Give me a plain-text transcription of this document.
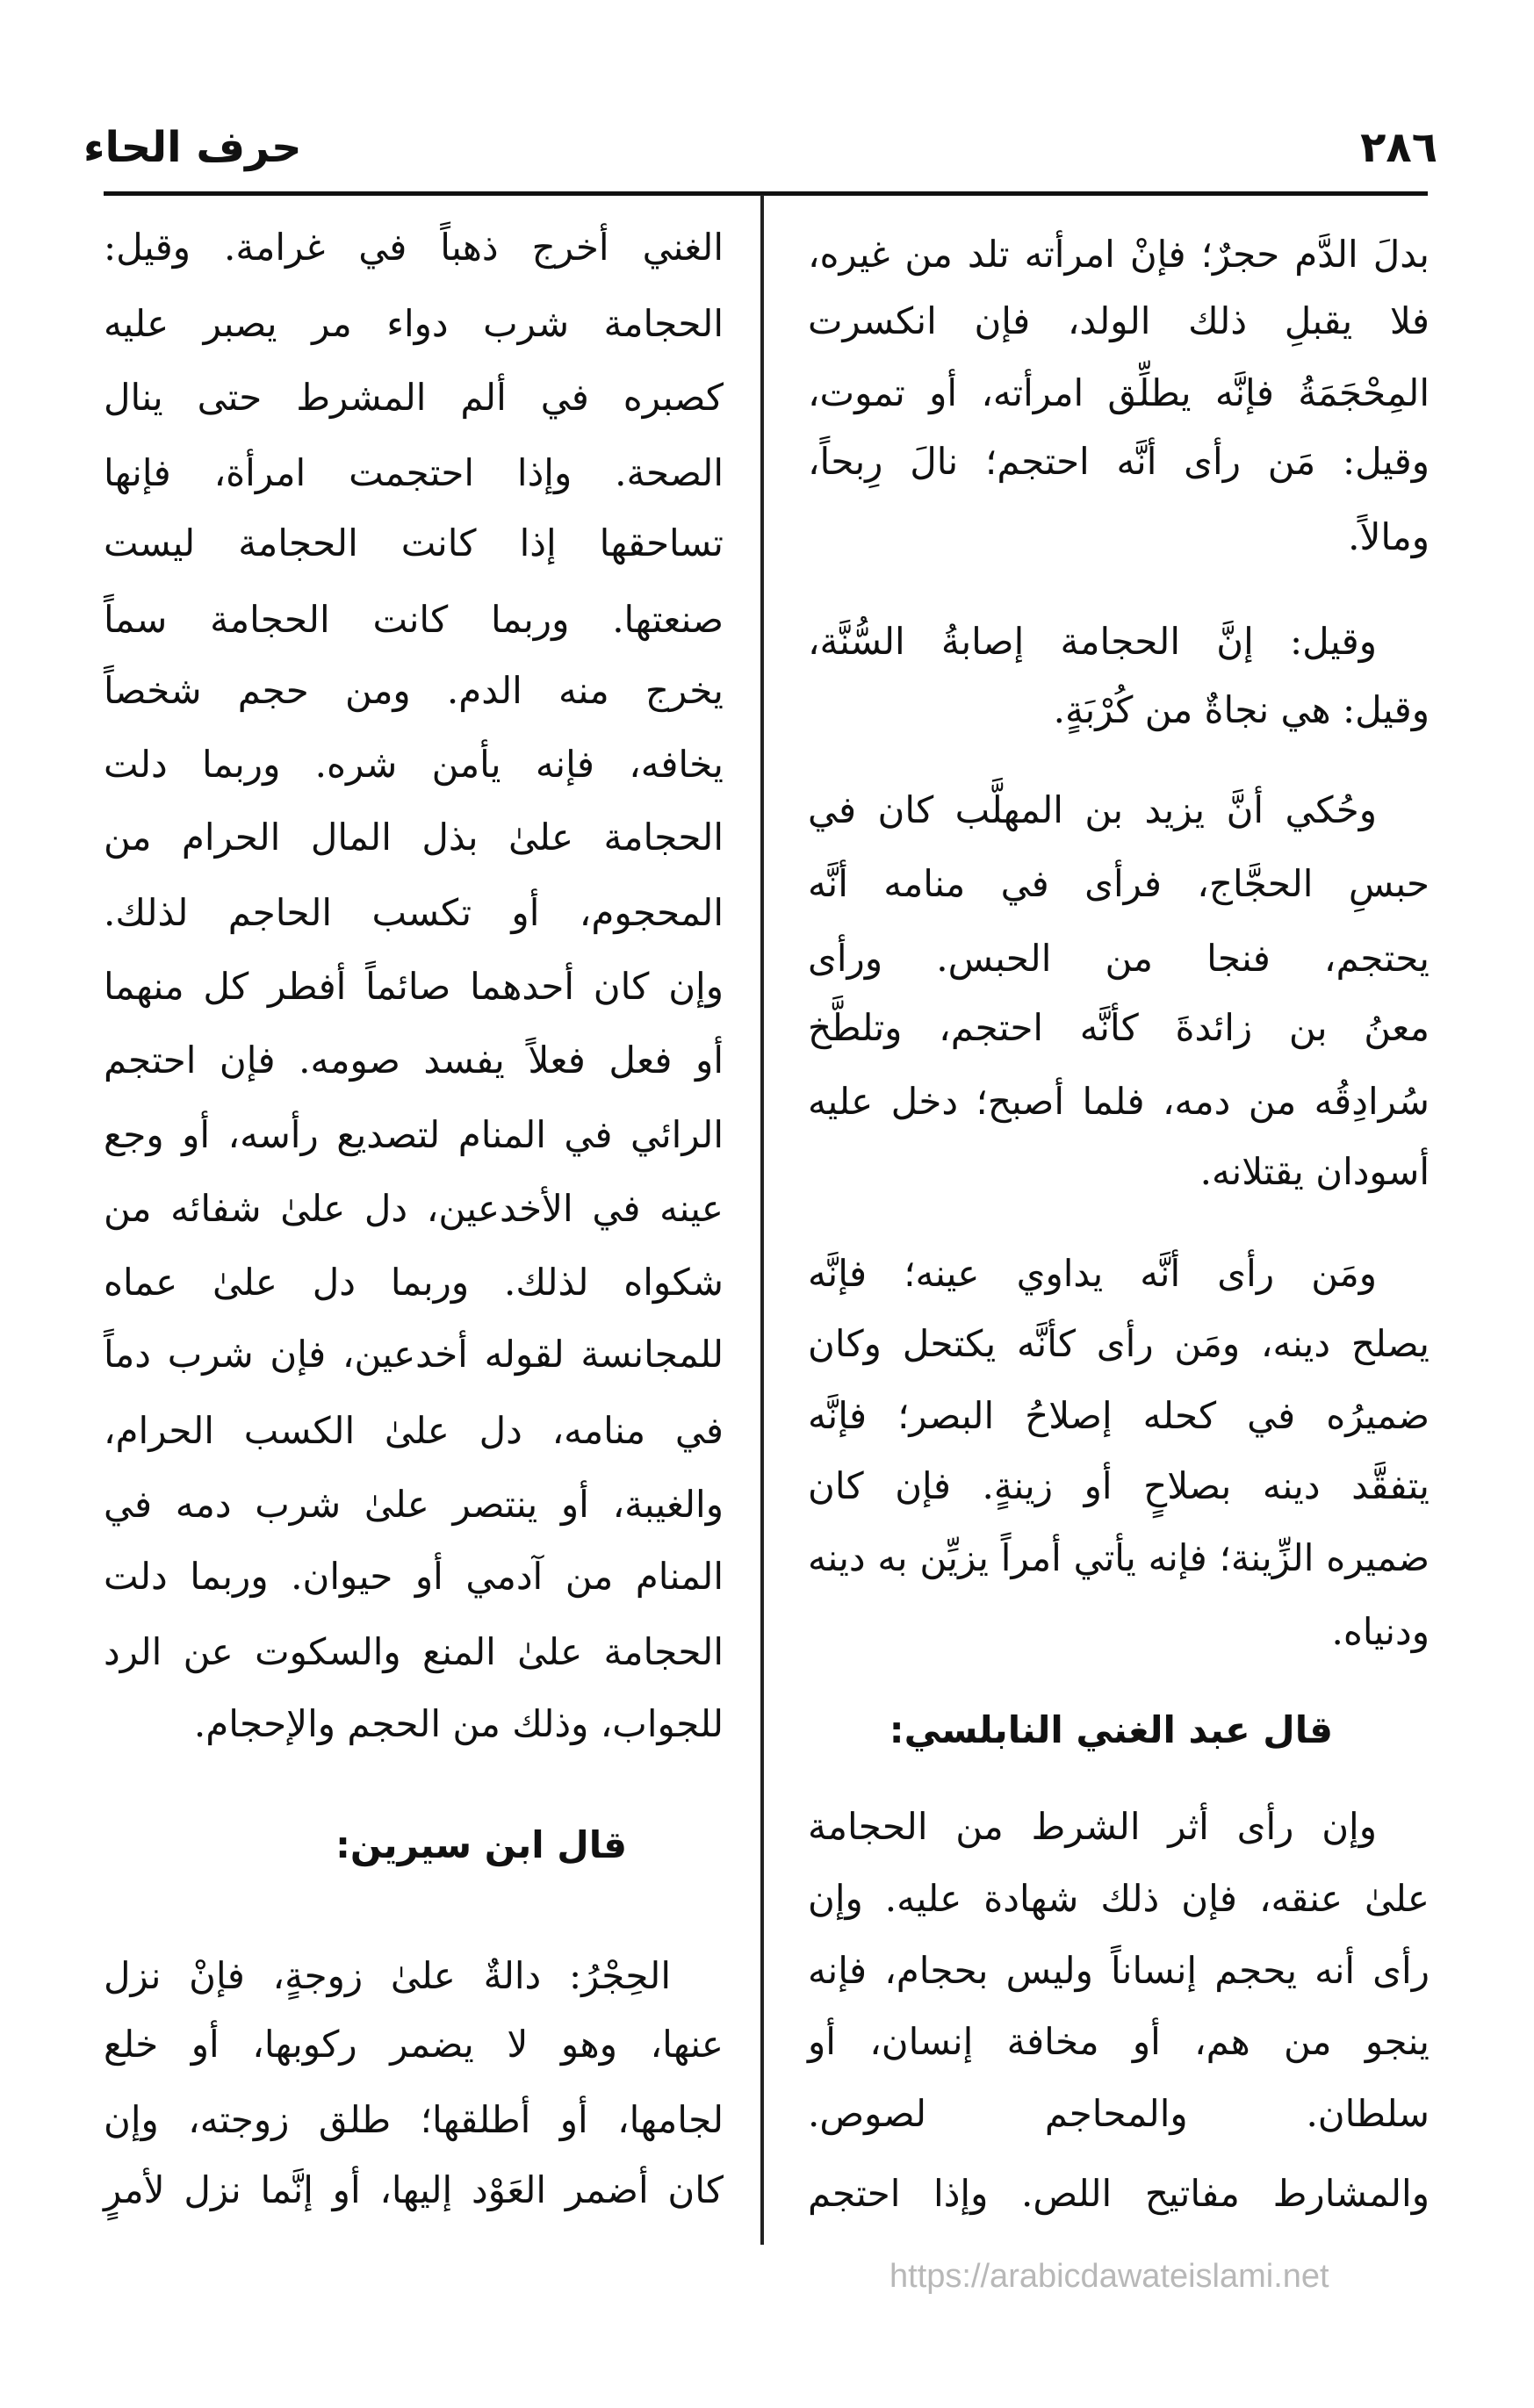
حرف الحاء	٢٨٦
بدلَ الدَّم حجرٌ؛ فإنْ امرأته تلد من غيره،
فلا يقبلِ ذلك الولد، فإن انكسرت
المِحْجَمَةُ فإنَّه يطلِّق امرأته، أو تموت،
وقيل: مَن رأى أنَّه احتجم؛ نالَ رِبحاً،
ومالاً.
وقيل: إنَّ الحجامة إصابةُ السُّنَّة،
وقيل: هي نجاةٌ من كُرْبَةٍ.
وحُكي أنَّ يزيد بن المهلَّب كان في
حبسِ الحجَّاج، فرأى في منامه أنَّه
يحتجم، فنجا من الحبس. ورأى
معنُ بن زائدةَ كأنَّه احتجم، وتلطَّخ
سُرادِقُه من دمه، فلما أصبح؛ دخل عليه
أسودان يقتلانه.
ومَن رأى أنَّه يداوي عينه؛ فإنَّه
يصلح دينه، ومَن رأى كأنَّه يكتحل وكان
ضميرُه في كحله إصلاحُ البصر؛ فإنَّه
يتفقَّد دينه بصلاحٍ أو زينةٍ. فإن كان
ضميره الزِّينة؛ فإنه يأتي أمراً يزيِّن به دينه
ودنياه.
قال عبد الغني النابلسي:
وإن رأى أثر الشرط من الحجامة
علىٰ عنقه، فإن ذلك شهادة عليه. وإن
رأى أنه يحجم إنساناً وليس بحجام، فإنه
ينجو من هم، أو مخافة إنسان، أو
سلطان. والمحاجم لصوص.
والمشارط مفاتيح اللص. وإذا احتجم
الغني أخرج ذهباً في غرامة. وقيل:
الحجامة شرب دواء مر يصبر عليه
كصبره في ألم المشرط حتى ينال
الصحة. وإذا احتجمت امرأة، فإنها
تساحقها إذا كانت الحجامة ليست
صنعتها. وربما كانت الحجامة سماً
يخرج منه الدم. ومن حجم شخصاً
يخافه، فإنه يأمن شره. وربما دلت
الحجامة علىٰ بذل المال الحرام من
المحجوم، أو تكسب الحاجم لذلك.
وإن كان أحدهما صائماً أفطر كل منهما
أو فعل فعلاً يفسد صومه. فإن احتجم
الرائي في المنام لتصديع رأسه، أو وجع
عينه في الأخدعين، دل علىٰ شفائه من
شكواه لذلك. وربما دل علىٰ عماه
للمجانسة لقوله أخدعين، فإن شرب دماً
في منامه، دل علىٰ الكسب الحرام،
والغيبة، أو ينتصر علىٰ شرب دمه في
المنام من آدمي أو حيوان. وربما دلت
الحجامة علىٰ المنع والسكوت عن الرد
للجواب، وذلك من الحجم والإحجام.
قال ابن سيرين:
الحِجْرُ: دالةٌ علىٰ زوجةٍ، فإنْ نزل
عنها، وهو لا يضمر ركوبها، أو خلع
لجامها، أو أطلقها؛ طلق زوجته، وإن
كان أضمر العَوْد إليها، أو إنَّما نزل لأمرٍ
https://arabicdawateislami.net
